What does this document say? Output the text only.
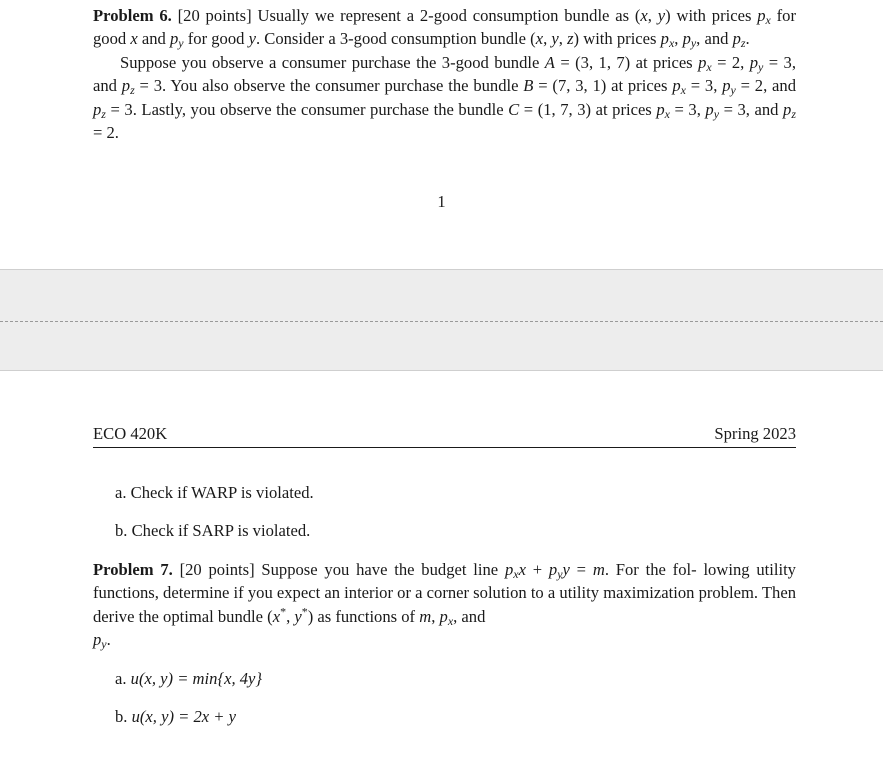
Problem 6. [20 points] Usually we represent a 2-good consumption bundle as (x, y) with prices $p_x$ for good x and $p_y$ for good y. Consider a 3-good consumption bundle (x, y, z) with prices $p_x$, $p_y$, and $p_z$.

Suppose you observe a consumer purchase the 3-good bundle A = (3, 1, 7) at prices $p_x = 2$, $p_y = 3$, and $p_z = 3$. You also observe the consumer purchase the bundle B = (7, 3, 1) at prices $p_x = 3$, $p_y = 2$, and $p_z = 3$. Lastly, you observe the consumer purchase the bundle C = (1, 7, 3) at prices $p_x = 3$, $p_y = 3$, and $p_z = 2$.

1
ECO 420K	Spring 2023
a. Check if WARP is violated.
b. Check if SARP is violated.

Problem 7. [20 points] Suppose you have the budget line $p_xx + p_yy = m$. For the fol- lowing utility functions, determine if you expect an interior or a corner solution to a utility maximization problem. Then derive the optimal bundle (x*, y*) as functions of m, $p_x$, and
$p_y$.

a. u(x, y) = min{x, 4y}
b. u(x, y) = 2x + y
